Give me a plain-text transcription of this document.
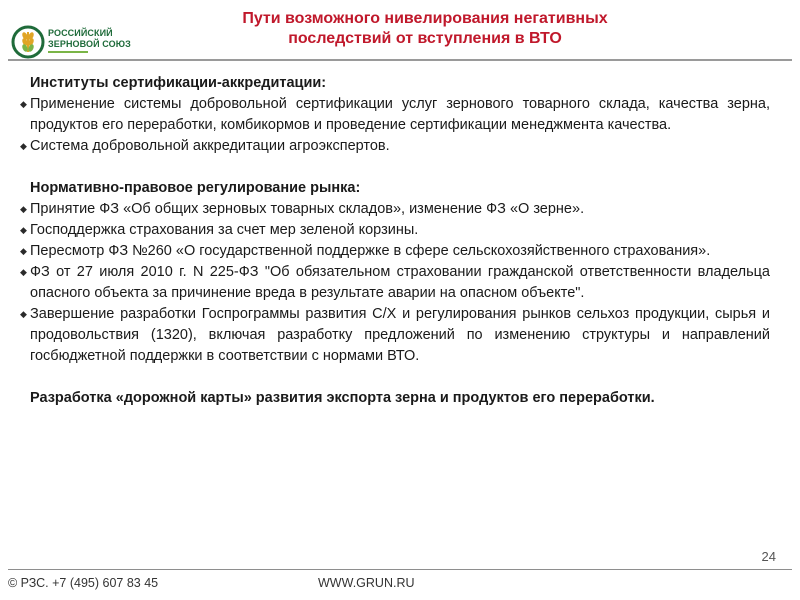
РОССИЙСКИЙ
ЗЕРНОВОЙ СОЮЗ
Пути возможного нивелирования негативных
последствий от вступления в ВТО
Институты сертификации-аккредитации:
◆ Применение системы добровольной сертификации услуг зернового товарного склада, качества зерна, продуктов его переработки, комбикормов и проведение сертификации менеджмента качества.
◆ Система добровольной аккредитации агроэкспертов.
Нормативно-правовое регулирование рынка:
◆ Принятие ФЗ «Об общих зерновых товарных складов», изменение ФЗ «О зерне».
◆ Господдержка страхования за счет мер зеленой корзины.
◆ Пересмотр ФЗ №260 «О государственной поддержке в сфере сельскохозяйственного страхования».
◆ ФЗ от 27 июля 2010 г. N 225-ФЗ "Об обязательном страховании гражданской ответственности владельца опасного объекта за причинение вреда в результате аварии на опасном объекте".
◆ Завершение разработки Госпрограммы развития С/Х и регулирования рынков сельхоз продукции, сырья и продовольствия (1320), включая разработку предложений по изменению структуры и направлений госбюджетной поддержки в соответствии с нормами ВТО.
Разработка «дорожной карты» развития экспорта зерна и продуктов его переработки.
24
© РЗС. +7 (495) 607 83 45	WWW.GRUN.RU
